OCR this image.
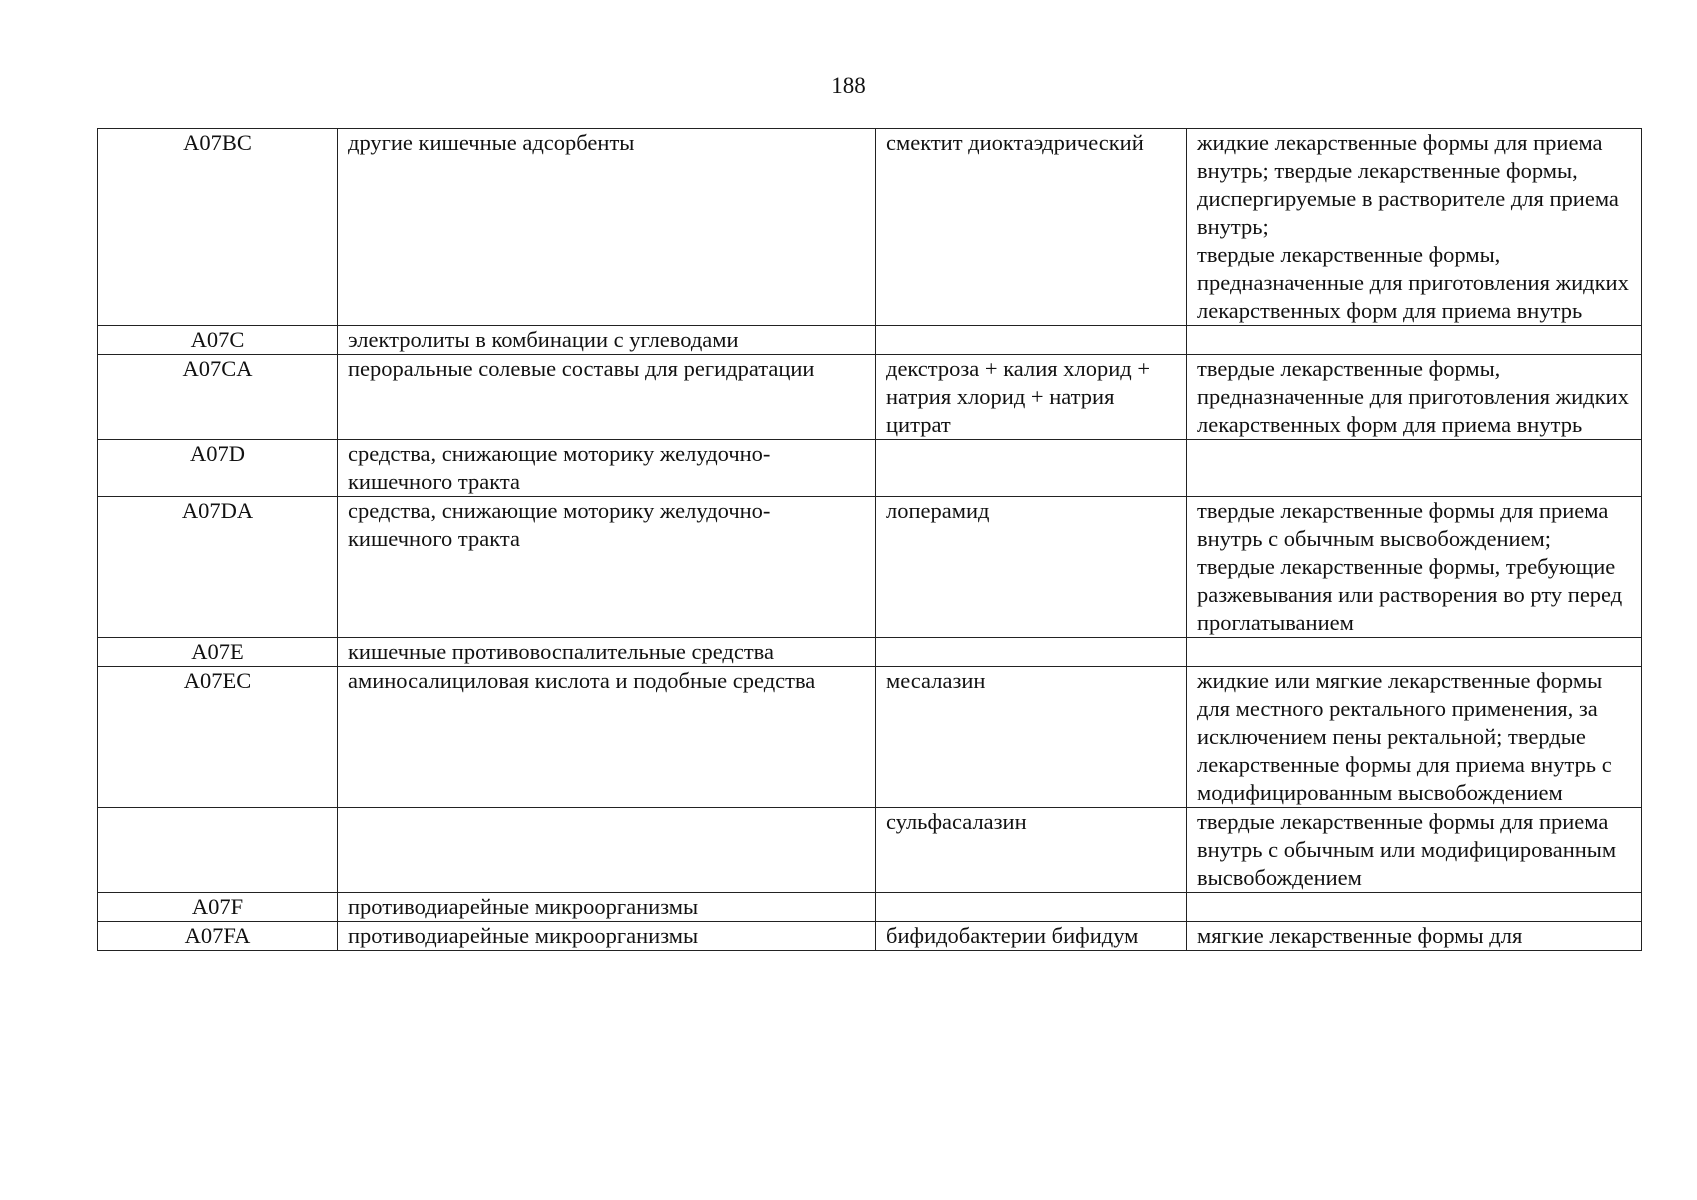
188
A07BC	другие кишечные адсорбенты	смектит диоктаэдрический	жидкие лекарственные формы для приема внутрь; твердые лекарственные формы, диспергируемые в растворителе для приема внутрь;
твердые лекарственные формы, предназначенные для приготовления жидких лекарственных форм для приема внутрь

A07C	электролиты в комбинации с углеводами		
A07CA	пероральные солевые составы для регидратации	декстроза + калия хлорид + натрия хлорид + натрия цитрат	твердые лекарственные формы, предназначенные для приготовления жидких лекарственных форм для приема внутрь
A07D	средства, снижающие моторику желудочно-кишечного тракта		
A07DA	средства, снижающие моторику желудочно-кишечного тракта	лоперамид	твердые лекарственные формы для приема внутрь с обычным высвобождением; твердые лекарственные формы, требующие разжевывания или растворения во рту перед проглатыванием
A07E	кишечные противовоспалительные средства		
A07EC	аминосалициловая кислота и подобные средства	месалазин	жидкие или мягкие лекарственные формы для местного ректального применения, за исключением пены ректальной; твердые лекарственные формы для приема внутрь с модифицированным высвобождением
		сульфасалазин	твердые лекарственные формы для приема внутрь с обычным или модифицированным высвобождением
A07F	противодиарейные микроорганизмы		
A07FA	противодиарейные микроорганизмы	бифидобактерии бифидум	мягкие лекарственные формы для
